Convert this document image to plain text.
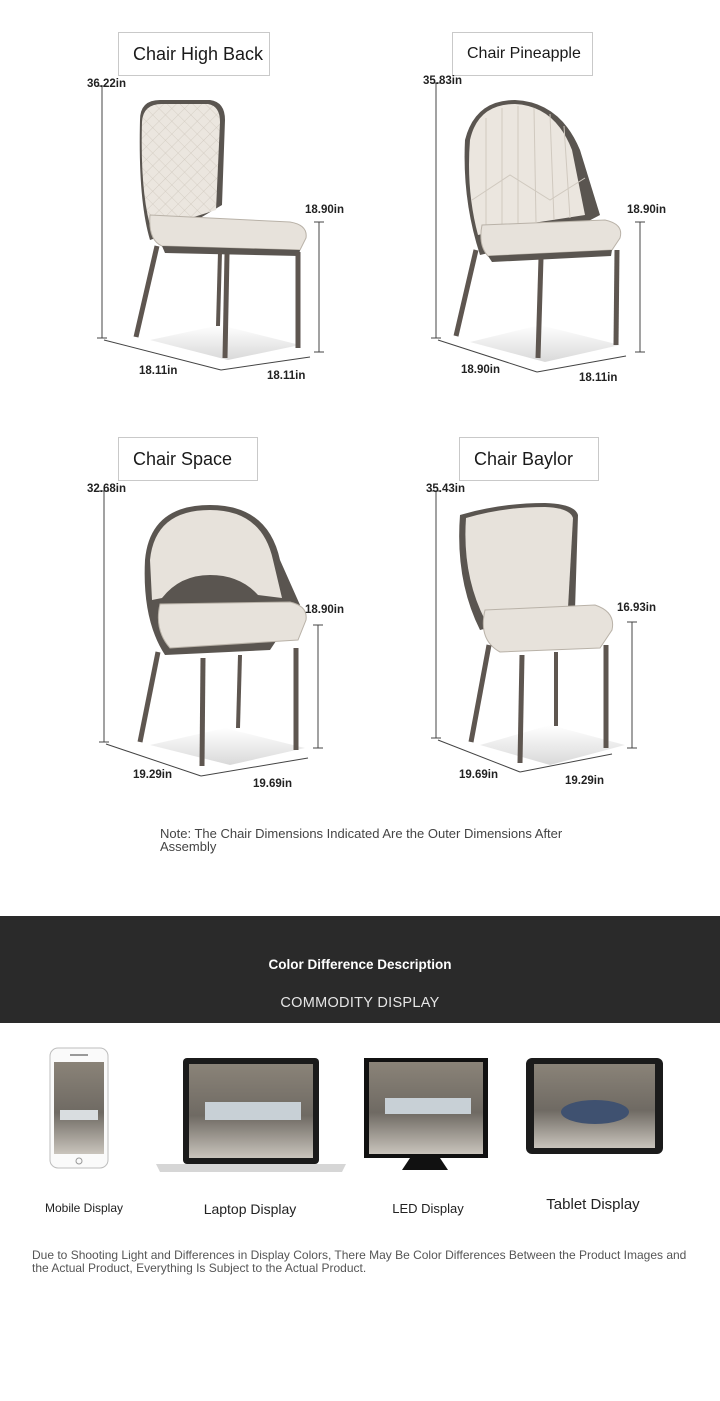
Chair High Back	Chair Pineapple
Chair Space	Chair Baylor
36.22in
18.90in
18.11in	18.11in
35.83in
18.90in
18.90in
18.11in
32.68in
18.90in
19.29in
19.69in
35.43in
16.93in
19.69in	19.29in
Note: The Chair Dimensions Indicated Are the Outer Dimensions After Assembly
Color Difference Description
COMMODITY DISPLAY
Mobile Display	Laptop Display	LED Display	Tablet Display
Due to Shooting Light and Differences in Display Colors, There May Be Color Differences Between the Product Images and the Actual Product, Everything Is Subject to the Actual Product.
